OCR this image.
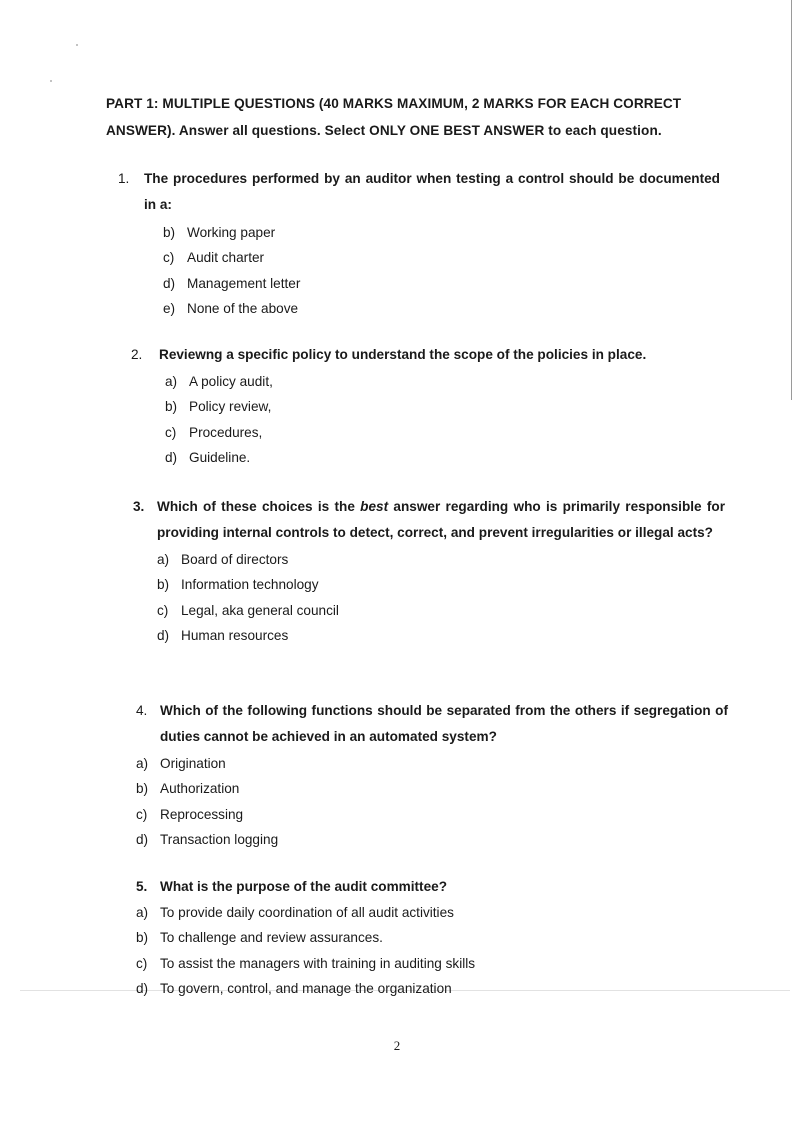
PART 1: MULTIPLE QUESTIONS (40 MARKS MAXIMUM, 2 MARKS FOR EACH CORRECT ANSWER). Answer all questions. Select ONLY ONE BEST ANSWER to each question.
1.	The procedures performed by an auditor when testing a control should be documented in a:
b) Working paper
c) Audit charter
d) Management letter
e) None of the above
2.	Reviewng a specific policy to understand the scope of the policies in place.
a) A policy audit,
b) Policy review,
c) Procedures,
d) Guideline.
3. Which of these choices is the best answer regarding who is primarily responsible for providing internal controls to detect, correct, and prevent irregularities or illegal acts?
a) Board of directors
b) Information technology
c) Legal, aka general council
d) Human resources
4. Which of the following functions should be separated from the others if segregation of duties cannot be achieved in an automated system?
a) Origination
b) Authorization
c) Reprocessing
d) Transaction logging
5. What is the purpose of the audit committee?
a) To provide daily coordination of all audit activities
b) To challenge and review assurances.
c) To assist the managers with training in auditing skills
d) To govern, control, and manage the organization
2
